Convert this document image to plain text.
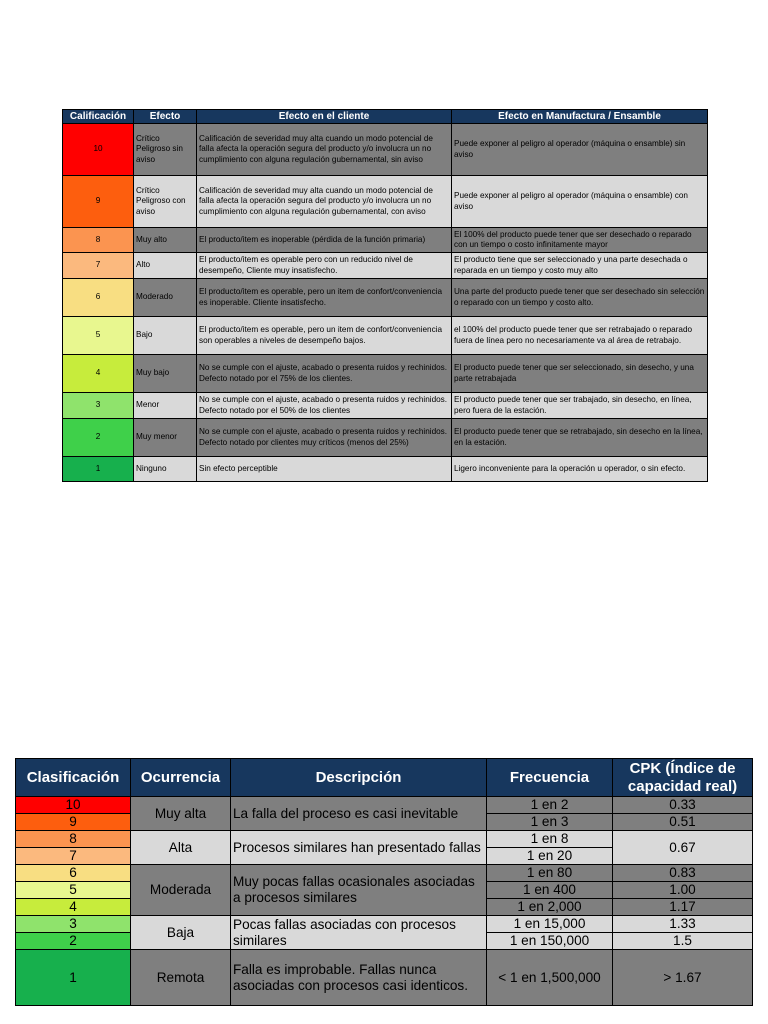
Calificación	Efecto	Efecto en el cliente	Efecto en Manufactura / Ensamble
10	Crítico Peligroso sin aviso	Calificación de severidad muy alta cuando un modo potencial de falla afecta la operación segura del producto y/o involucra un no cumplimiento con alguna regulación gubernamental, sin aviso	Puede exponer al peligro al operador (máquina o ensamble) sin aviso
9	Crítico Peligroso con aviso	Calificación de severidad muy alta cuando un modo potencial de falla afecta la operación segura del producto y/o involucra un no cumplimiento con alguna regulación gubernamental, con aviso	Puede exponer al peligro al operador (máquina o ensamble) con aviso
8	Muy alto	El producto/item es inoperable (pérdida de la función primaria)	El 100% del producto puede tener que ser desechado o reparado con un tiempo o costo infinitamente mayor
7	Alto	El producto/item es operable pero con un reducido nivel de desempeño, Cliente muy insatisfecho.	El producto tiene que ser seleccionado y una parte desechada o reparada en un tiempo y costo muy alto
6	Moderado	El producto/item es operable, pero un item de confort/conveniencia es inoperable. Cliente insatisfecho.	Una parte del producto puede tener que ser desechado sin selección o reparado con un tiempo y costo alto.
5	Bajo	El producto/item es operable, pero un item de confort/conveniencia son operables a niveles de desempeño bajos.	el 100% del producto puede tener que ser retrabajado o reparado fuera de línea pero no necesariamente va al área de retrabajo.
4	Muy bajo	No se cumple con el ajuste, acabado o presenta ruidos y rechinidos. Defecto notado por el 75% de los clientes.	El producto puede tener que ser seleccionado, sin desecho, y una parte retrabajada
3	Menor	No se cumple con el ajuste, acabado o presenta ruidos y rechinidos. Defecto notado por el 50% de los clientes	El producto puede tener que ser trabajado, sin desecho, en línea, pero fuera de la estación.
2	Muy menor	No se cumple con el ajuste, acabado o presenta ruidos y rechinidos. Defecto notado por clientes muy críticos (menos del 25%)	El producto puede tener que se retrabajado, sin desecho en la línea, en la estación.
1	Ninguno	Sin efecto perceptible	Ligero inconveniente para la operación u operador, o sin efecto.
Clasificación	Ocurrencia	Descripción	Frecuencia	CPK (Índice de capacidad real)
10	Muy alta	La falla del proceso es casi inevitable	1 en 2	0.33
9			1 en 3	0.51
8	Alta	Procesos similares han presentado fallas	1 en 8	0.67
7			1 en 20	
6	Moderada	Muy pocas fallas ocasionales asociadas a procesos similares	1 en 80	0.83
5			1 en 400	1.00
4			1 en 2,000	1.17
3	Baja	Pocas fallas asociadas con procesos similares	1 en 15,000	1.33
2			1 en 150,000	1.5
1	Remota	Falla es improbable. Fallas nunca asociadas con procesos casi identicos.	< 1 en 1,500,000	> 1.67
